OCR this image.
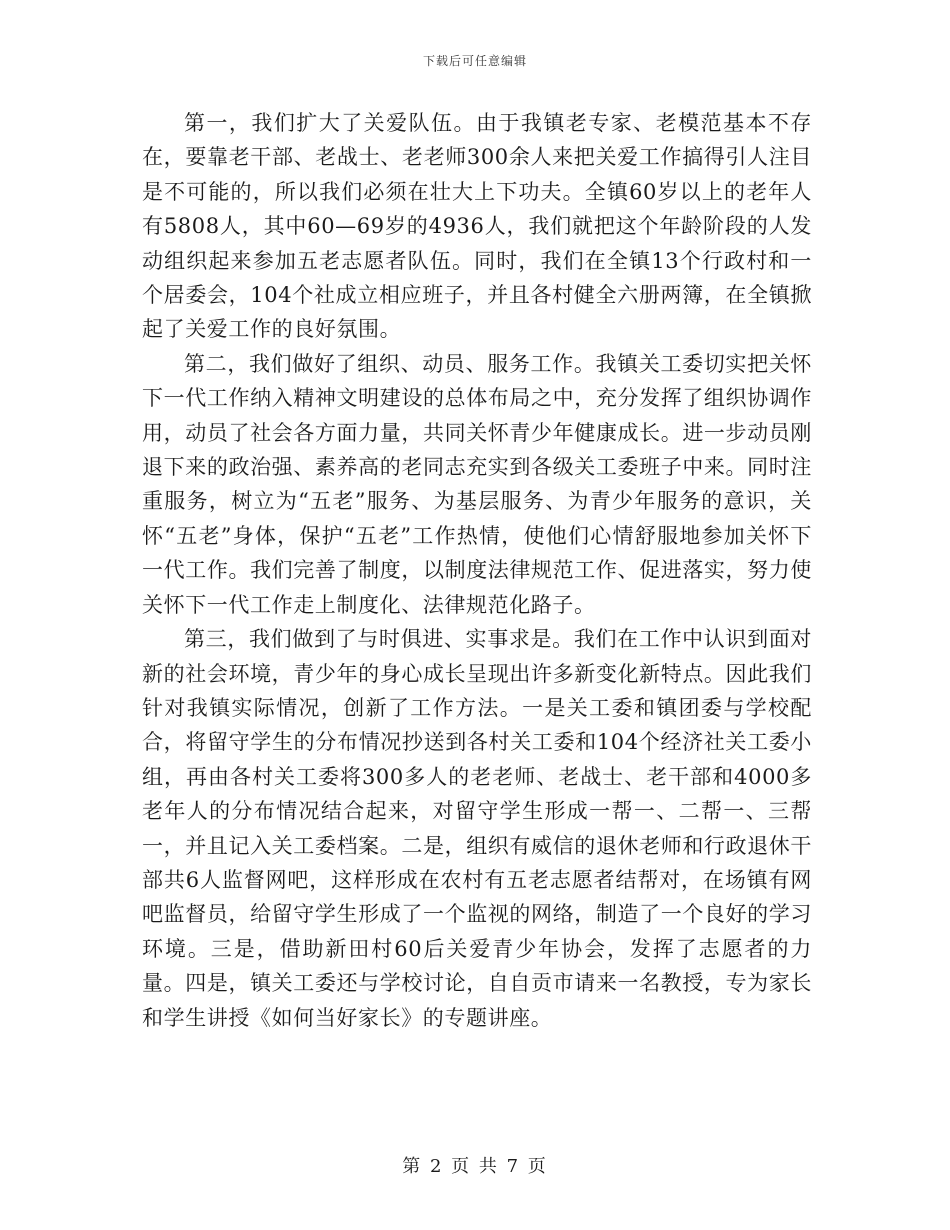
下载后可任意编辑

第一，我们扩大了关爱队伍。由于我镇老专家、老模范基本不存在，要靠老干部、老战士、老老师300余人来把关爱工作搞得引人注目是不可能的，所以我们必须在壮大上下功夫。全镇60岁以上的老年人有5808人，其中60—69岁的4936人，我们就把这个年龄阶段的人发动组织起来参加五老志愿者队伍。同时，我们在全镇13个行政村和一个居委会，104个社成立相应班子，并且各村健全六册两簿，在全镇掀起了关爱工作的良好氛围。

第二，我们做好了组织、动员、服务工作。我镇关工委切实把关怀下一代工作纳入精神文明建设的总体布局之中，充分发挥了组织协调作用，动员了社会各方面力量，共同关怀青少年健康成长。进一步动员刚退下来的政治强、素养高的老同志充实到各级关工委班子中来。同时注重服务，树立为“五老”服务、为基层服务、为青少年服务的意识，关怀“五老”身体，保护“五老”工作热情，使他们心情舒服地参加关怀下一代工作。我们完善了制度，以制度法律规范工作、促进落实，努力使关怀下一代工作走上制度化、法律规范化路子。

第三，我们做到了与时俱进、实事求是。我们在工作中认识到面对新的社会环境，青少年的身心成长呈现出许多新变化新特点。因此我们针对我镇实际情况，创新了工作方法。一是关工委和镇团委与学校配合，将留守学生的分布情况抄送到各村关工委和104个经济社关工委小组，再由各村关工委将300多人的老老师、老战士、老干部和4000多老年人的分布情况结合起来，对留守学生形成一帮一、二帮一、三帮一，并且记入关工委档案。二是，组织有威信的退休老师和行政退休干部共6人监督网吧，这样形成在农村有五老志愿者结帮对，在场镇有网吧监督员，给留守学生形成了一个监视的网络，制造了一个良好的学习环境。三是，借助新田村60后关爱青少年协会，发挥了志愿者的力量。四是，镇关工委还与学校讨论，自自贡市请来一名教授，专为家长和学生讲授《如何当好家长》的专题讲座。

第 2 页 共 7 页
